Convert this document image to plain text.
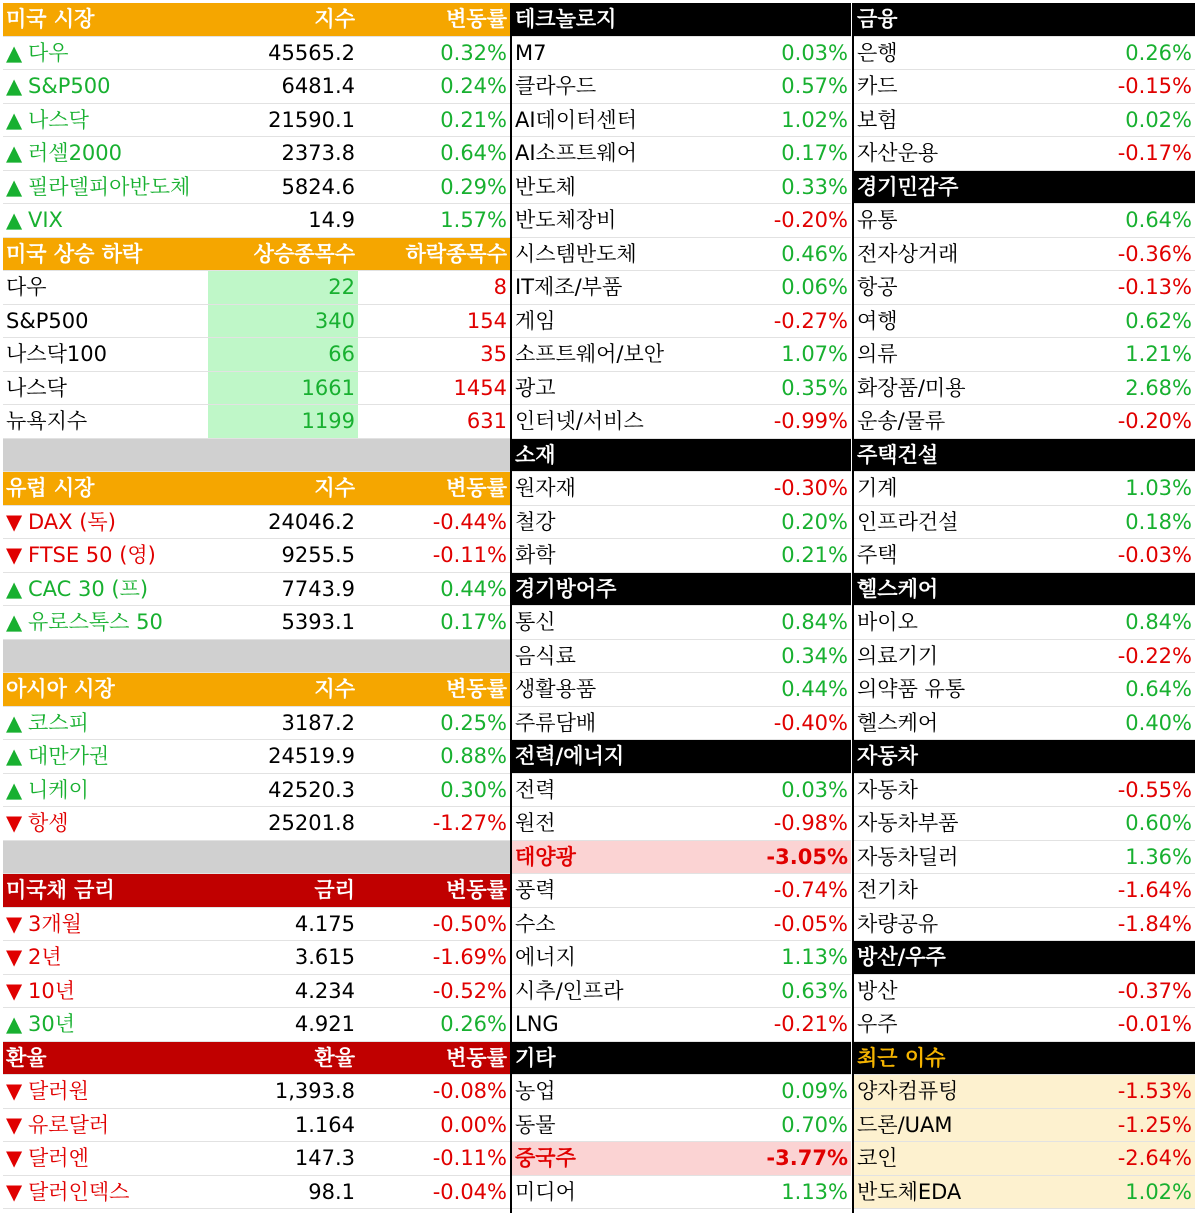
미국 시장	지수	변동률
▲ 다우	45565.2	0.32%
▲ S&P500	6481.4	0.24%
▲ 나스닥	21590.1	0.21%
▲ 러셀2000	2373.8	0.64%
▲ 필라델피아반도체	5824.6	0.29%
▲ VIX	14.9	1.57%
미국 상승 하락	상승종목수	하락종목수
다우	22	8
S&P500	340	154
나스닥100	66	35
나스닥	1661	1454
뉴욕지수	1199	631
유럽 시장	지수	변동률
▼ DAX (독)	24046.2	-0.44%
▼ FTSE 50 (영)	9255.5	-0.11%
▲ CAC 30 (프)	7743.9	0.44%
▲ 유로스톡스 50	5393.1	0.17%
아시아 시장	지수	변동률
▲ 코스피	3187.2	0.25%
▲ 대만가권	24519.9	0.88%
▲ 니케이	42520.3	0.30%
▼ 항셍	25201.8	-1.27%
미국채 금리	금리	변동률
▼ 3개월	4.175	-0.50%
▼ 2년	3.615	-1.69%
▼ 10년	4.234	-0.52%
▲ 30년	4.921	0.26%
환율	환율	변동률
▼ 달러원	1,393.8	-0.08%
▼ 유로달러	1.164	0.00%
▼ 달러엔	147.3	-0.11%
▼ 달러인덱스	98.1	-0.04%
테크놀로지
M7	0.03%
클라우드	0.57%
AI데이터센터	1.02%
AI소프트웨어	0.17%
반도체	0.33%
반도체장비	-0.20%
시스템반도체	0.46%
IT제조/부품	0.06%
게임	-0.27%
소프트웨어/보안	1.07%
광고	0.35%
인터넷/서비스	-0.99%
소재
원자재	-0.30%
철강	0.20%
화학	0.21%
경기방어주
통신	0.84%
음식료	0.34%
생활용품	0.44%
주류담배	-0.40%
전력/에너지
전력	0.03%
원전	-0.98%
태양광	-3.05%
풍력	-0.74%
수소	-0.05%
에너지	1.13%
시추/인프라	0.63%
LNG	-0.21%
기타
농업	0.09%
동물	0.70%
중국주	-3.77%
미디어	1.13%
금융
은행	0.26%
카드	-0.15%
보험	0.02%
자산운용	-0.17%
경기민감주
유통	0.64%
전자상거래	-0.36%
항공	-0.13%
여행	0.62%
의류	1.21%
화장품/미용	2.68%
운송/물류	-0.20%
주택건설
기계	1.03%
인프라건설	0.18%
주택	-0.03%
헬스케어
바이오	0.84%
의료기기	-0.22%
의약품 유통	0.64%
헬스케어	0.40%
자동차
자동차	-0.55%
자동차부품	0.60%
자동차딜러	1.36%
전기차	-1.64%
차량공유	-1.84%
방산/우주
방산	-0.37%
우주	-0.01%
최근 이슈
양자컴퓨팅	-1.53%
드론/UAM	-1.25%
코인	-2.64%
반도체EDA	1.02%
